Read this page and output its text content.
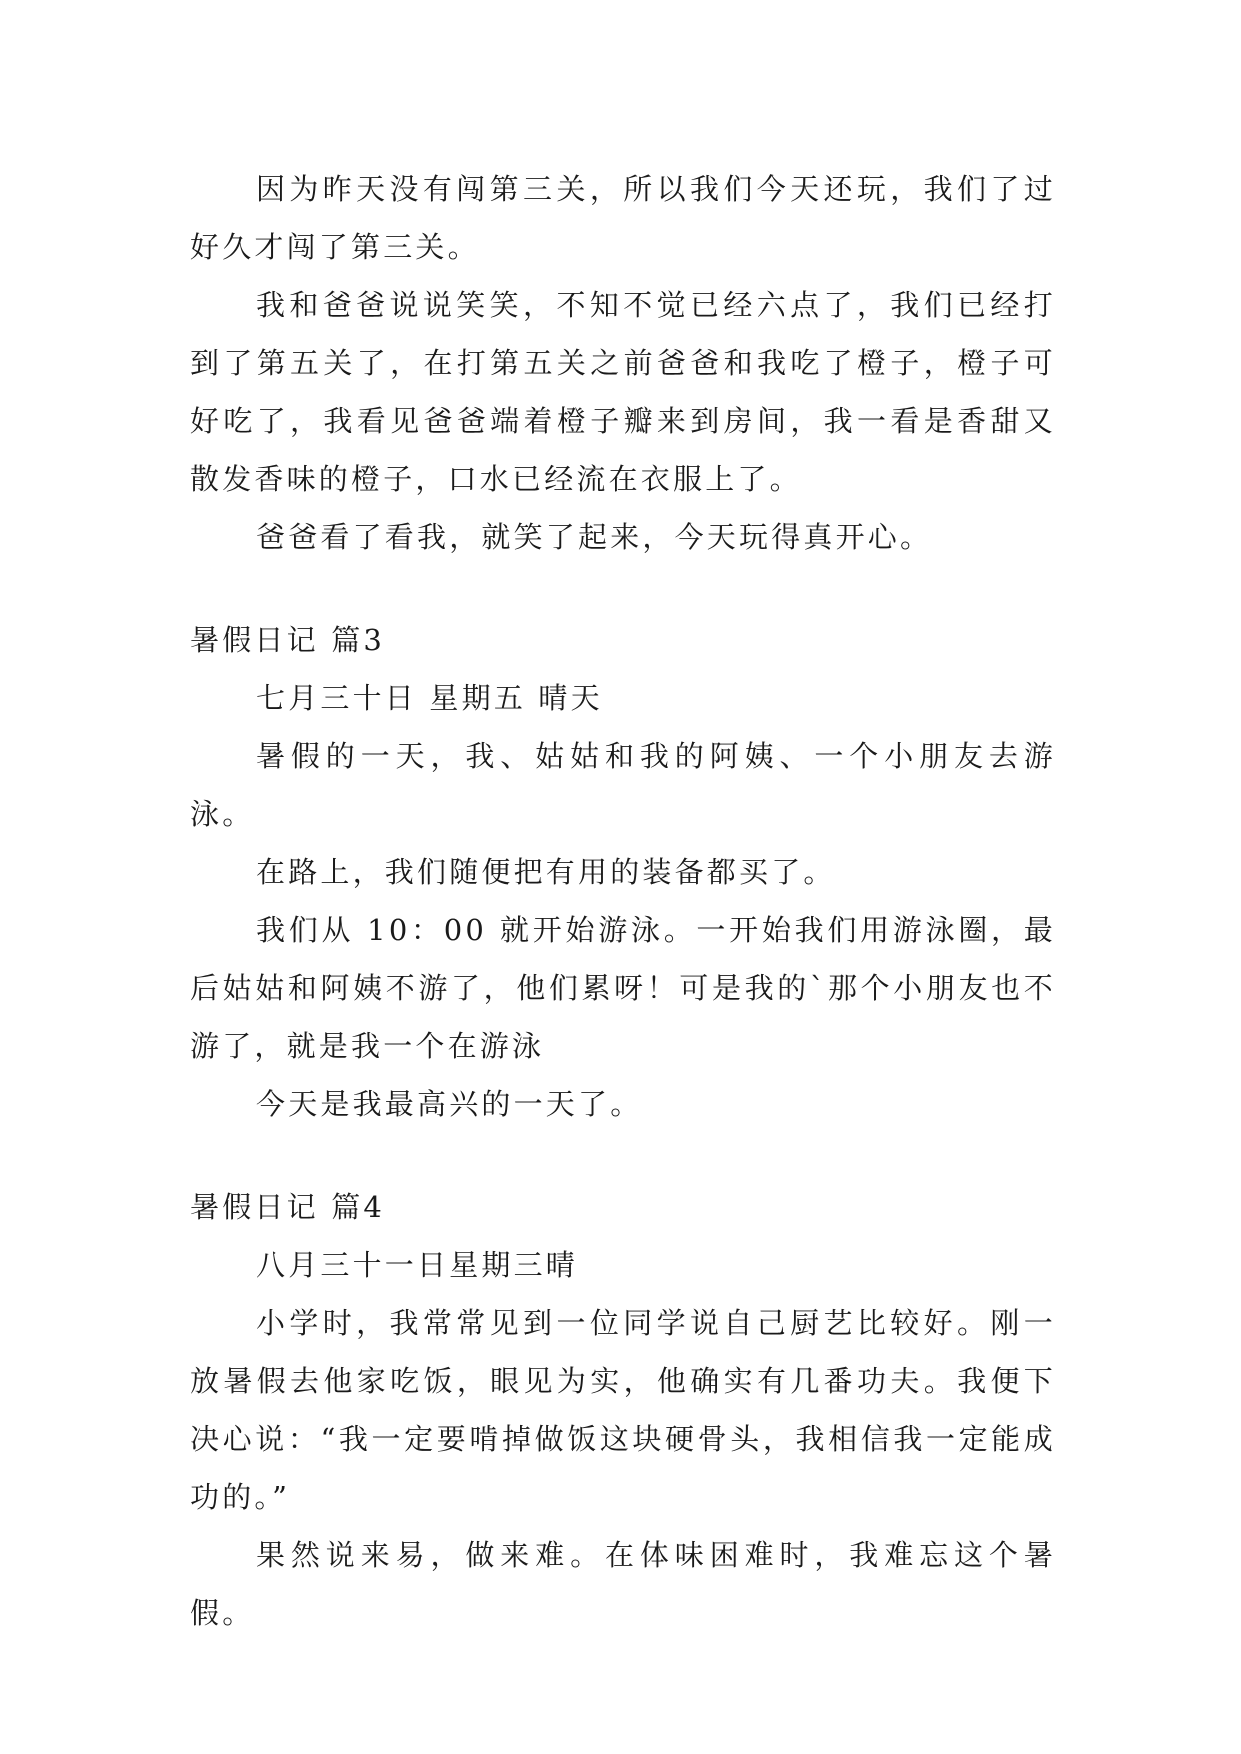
因为昨天没有闯第三关，所以我们今天还玩，我们了过好久才闯了第三关。

我和爸爸说说笑笑，不知不觉已经六点了，我们已经打到了第五关了，在打第五关之前爸爸和我吃了橙子，橙子可好吃了，我看见爸爸端着橙子瓣来到房间，我一看是香甜又散发香味的橙子，口水已经流在衣服上了。

爸爸看了看我，就笑了起来，今天玩得真开心。

暑假日记 篇3

七月三十日 星期五 晴天

暑假的一天，我、姑姑和我的阿姨、一个小朋友去游泳。

在路上，我们随便把有用的装备都买了。

我们从 10：00 就开始游泳。一开始我们用游泳圈，最后姑姑和阿姨不游了，他们累呀！可是我的`那个小朋友也不游了，就是我一个在游泳

今天是我最高兴的一天了。

暑假日记 篇4

八月三十一日星期三晴

小学时，我常常见到一位同学说自己厨艺比较好。刚一放暑假去他家吃饭，眼见为实，他确实有几番功夫。我便下决心说：“我一定要啃掉做饭这块硬骨头，我相信我一定能成功的。”

果然说来易，做来难。在体味困难时，我难忘这个暑假。
